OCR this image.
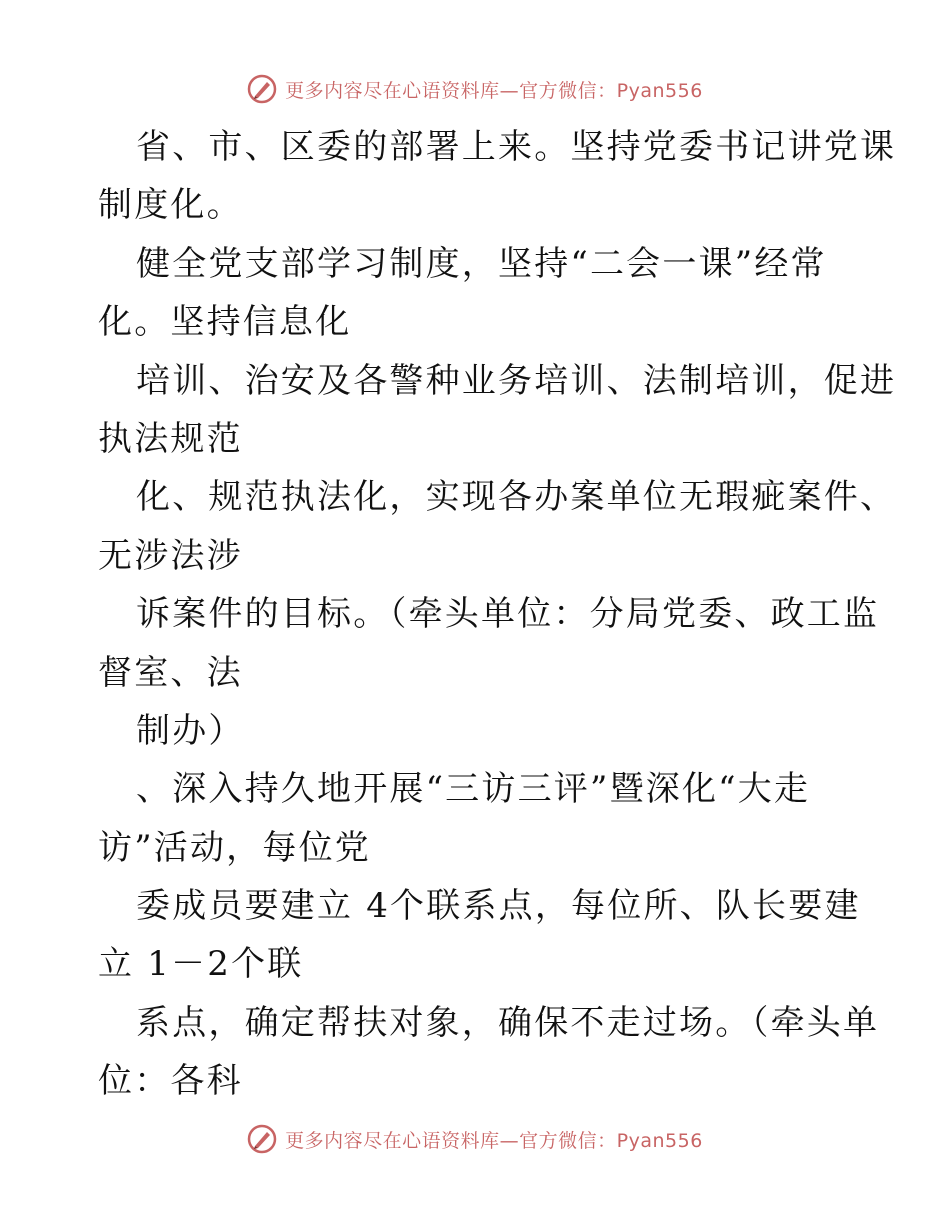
更多内容尽在心语资料库—官方微信：Pyan556
省、市、区委的部署上来。坚持党委书记讲党课
制度化。
健全党支部学习制度，坚持“二会一课”经常
化。坚持信息化
培训、治安及各警种业务培训、法制培训，促进
执法规范
化、规范执法化，实现各办案单位无瑕疵案件、
无涉法涉
诉案件的目标。（牵头单位：分局党委、政工监
督室、法
制办）
、深入持久地开展“三访三评”暨深化“大走
访”活动，每位党
委成员要建立 4个联系点，每位所、队长要建
立 1－2个联
系点，确定帮扶对象，确保不走过场。（牵头单
位：各科
更多内容尽在心语资料库—官方微信：Pyan556
